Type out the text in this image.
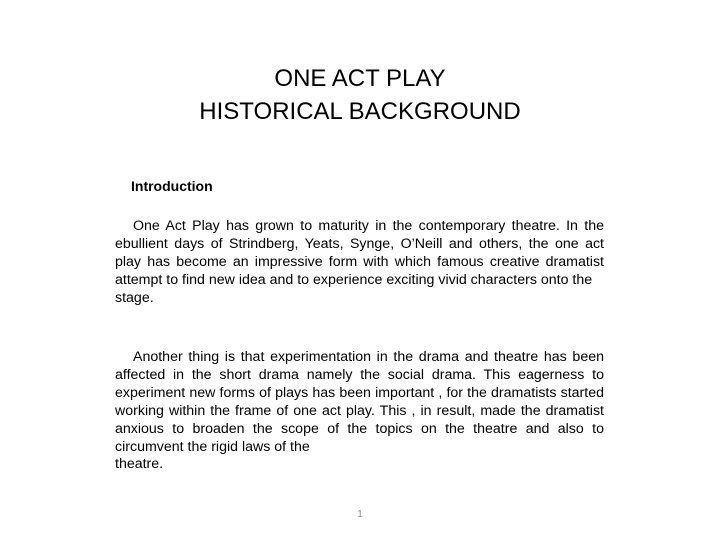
ONE ACT PLAY
HISTORICAL BACKGROUND
Introduction

One Act Play has grown to maturity in the contemporary theatre. In the ebullient days of Strindberg, Yeats, Synge, O’Neill and others, the one act play has become an impressive form with which famous creative dramatist attempt to find new idea and to experience exciting vivid characters onto the
stage.

Another thing is that experimentation in the drama and theatre has been affected in the short drama namely the social drama. This eagerness to experiment new forms of plays has been important , for the dramatists started working within the frame of one act play. This , in result, made the dramatist anxious to broaden the scope of the topics on the theatre and also to circumvent the rigid laws of the
theatre.

1
